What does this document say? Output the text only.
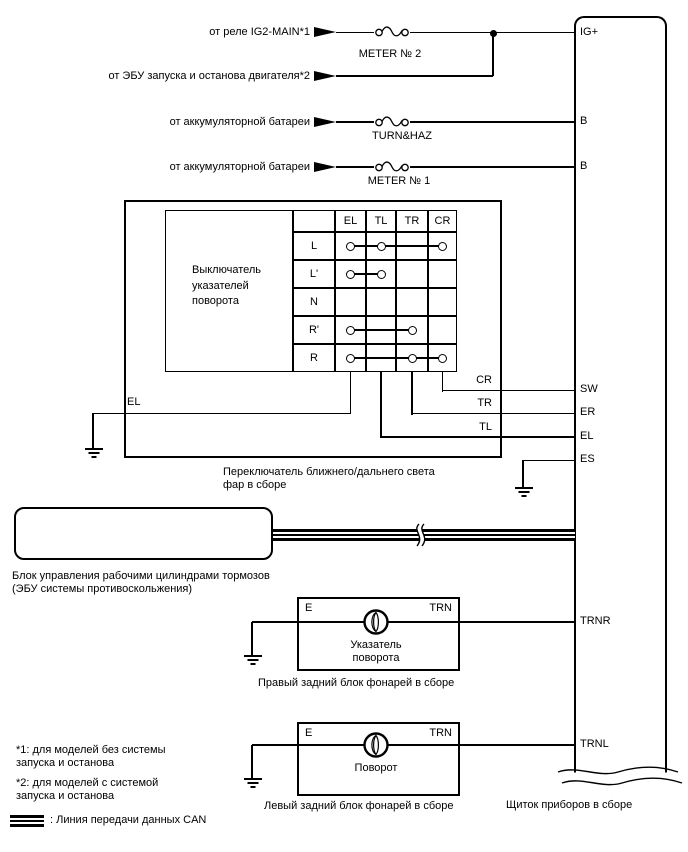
от реле IG2-MAIN*1
от ЭБУ запуска и останова двигателя*2
от аккумуляторной батареи
от аккумуляторной батареи
METER № 2
TURN&HAZ
METER № 1
IG+
B
B
SW
ER
EL
ES
TRNR
TRNL
Щиток приборов в сборе
Переключатель ближнего/дальнего света
фар в сборе
Выключатель указателей поворота
EL	TL	TR	CR
L
L'
N
R'
R
CR
TR
TL
EL
Блок управления рабочими цилиндрами тормозов
(ЭБУ системы противоскольжения)
E	TRN
Указатель поворота
Правый задний блок фонарей в сборе
E	TRN
Поворот
Левый задний блок фонарей в сборе
*1: для моделей без системы запуска и останова
*2: для моделей с системой запуска и останова
: Линия передачи данных CAN
